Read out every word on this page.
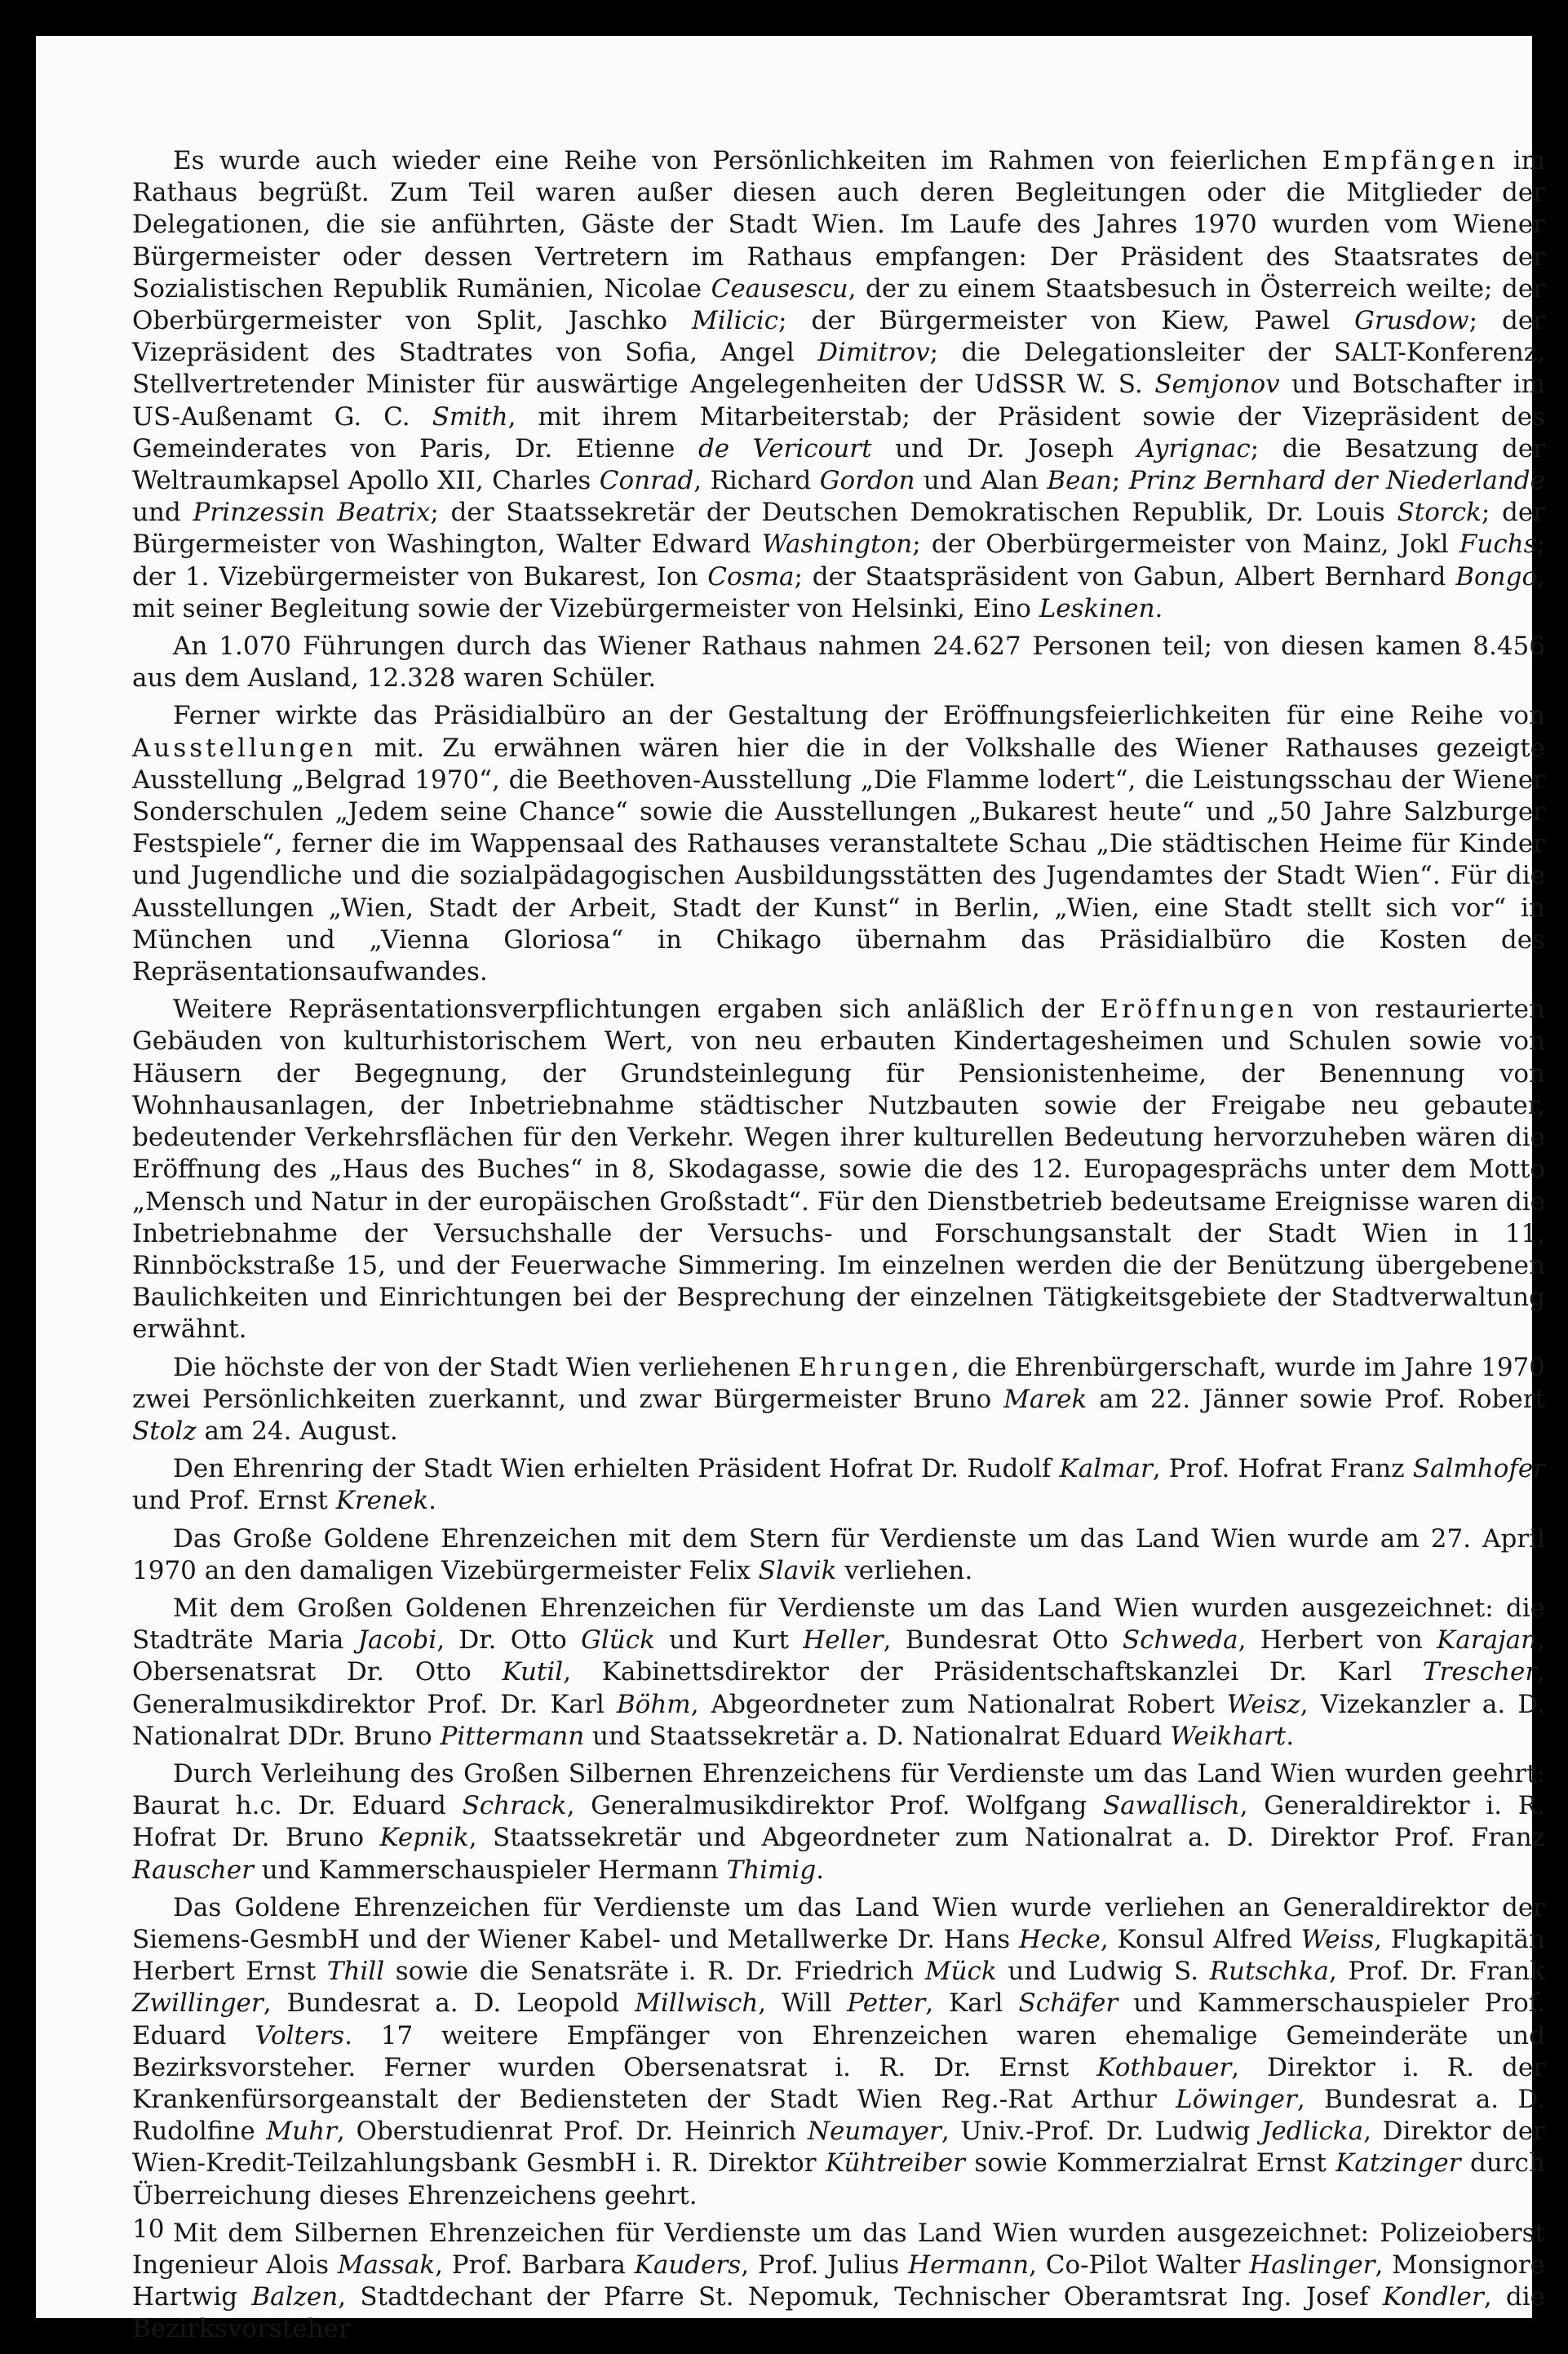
Es wurde auch wieder eine Reihe von Persönlichkeiten im Rahmen von feierlichen Empfängen im Rathaus begrüßt. Zum Teil waren außer diesen auch deren Begleitungen oder die Mitglieder der Delegationen, die sie anführten, Gäste der Stadt Wien. Im Laufe des Jahres 1970 wurden vom Wiener Bürgermeister oder dessen Vertretern im Rathaus empfangen: Der Präsident des Staatsrates der Sozialistischen Republik Rumänien, Nicolae Ceausescu, der zu einem Staatsbesuch in Österreich weilte; der Oberbürgermeister von Split, Jaschko Milicic; der Bürgermeister von Kiew, Pawel Grusdow; der Vizepräsident des Stadtrates von Sofia, Angel Dimitrov; die Delegationsleiter der SALT-Konferenz, Stellvertretender Minister für auswärtige Angelegenheiten der UdSSR W. S. Semjonov und Botschafter im US-Außenamt G. C. Smith, mit ihrem Mitarbeiterstab; der Präsident sowie der Vizepräsident des Gemeinderates von Paris, Dr. Etienne de Vericourt und Dr. Joseph Ayrignac; die Besatzung der Weltraumkapsel Apollo XII, Charles Conrad, Richard Gordon und Alan Bean; Prinz Bernhard der Niederlande und Prinzessin Beatrix; der Staatssekretär der Deutschen Demokratischen Republik, Dr. Louis Storck; der Bürgermeister von Washington, Walter Edward Washington; der Oberbürgermeister von Mainz, Jokl Fuchs; der 1. Vizebürgermeister von Bukarest, Ion Cosma; der Staatspräsident von Gabun, Albert Bernhard Bongo, mit seiner Begleitung sowie der Vizebürgermeister von Helsinki, Eino Leskinen.

An 1.070 Führungen durch das Wiener Rathaus nahmen 24.627 Personen teil; von diesen kamen 8.456 aus dem Ausland, 12.328 waren Schüler.

Ferner wirkte das Präsidialbüro an der Gestaltung der Eröffnungsfeierlichkeiten für eine Reihe von Ausstellungen mit. Zu erwähnen wären hier die in der Volkshalle des Wiener Rathauses gezeigte Ausstellung „Belgrad 1970“, die Beethoven-Ausstellung „Die Flamme lodert“, die Leistungsschau der Wiener Sonderschulen „Jedem seine Chance“ sowie die Ausstellungen „Bukarest heute“ und „50 Jahre Salzburger Festspiele“, ferner die im Wappensaal des Rathauses veranstaltete Schau „Die städtischen Heime für Kinder und Jugendliche und die sozialpädagogischen Ausbildungsstätten des Jugendamtes der Stadt Wien“. Für die Ausstellungen „Wien, Stadt der Arbeit, Stadt der Kunst“ in Berlin, „Wien, eine Stadt stellt sich vor“ in München und „Vienna Gloriosa“ in Chikago übernahm das Präsidialbüro die Kosten des Repräsentationsaufwandes.

Weitere Repräsentationsverpflichtungen ergaben sich anläßlich der Eröffnungen von restaurierten Gebäuden von kulturhistorischem Wert, von neu erbauten Kindertagesheimen und Schulen sowie von Häusern der Begegnung, der Grundsteinlegung für Pensionistenheime, der Benennung von Wohnhausanlagen, der Inbetriebnahme städtischer Nutzbauten sowie der Freigabe neu gebauter, bedeutender Verkehrsflächen für den Verkehr. Wegen ihrer kulturellen Bedeutung hervorzuheben wären die Eröffnung des „Haus des Buches“ in 8, Skodagasse, sowie die des 12. Europagesprächs unter dem Motto „Mensch und Natur in der europäischen Großstadt“. Für den Dienstbetrieb bedeutsame Ereignisse waren die Inbetriebnahme der Versuchshalle der Versuchs- und Forschungsanstalt der Stadt Wien in 11, Rinnböckstraße 15, und der Feuerwache Simmering. Im einzelnen werden die der Benützung übergebenen Baulichkeiten und Einrichtungen bei der Besprechung der einzelnen Tätigkeitsgebiete der Stadtverwaltung erwähnt.

Die höchste der von der Stadt Wien verliehenen Ehrungen, die Ehrenbürgerschaft, wurde im Jahre 1970 zwei Persönlichkeiten zuerkannt, und zwar Bürgermeister Bruno Marek am 22. Jänner sowie Prof. Robert Stolz am 24. August.

Den Ehrenring der Stadt Wien erhielten Präsident Hofrat Dr. Rudolf Kalmar, Prof. Hofrat Franz Salmhofer und Prof. Ernst Krenek.

Das Große Goldene Ehrenzeichen mit dem Stern für Verdienste um das Land Wien wurde am 27. April 1970 an den damaligen Vizebürgermeister Felix Slavik verliehen.

Mit dem Großen Goldenen Ehrenzeichen für Verdienste um das Land Wien wurden ausgezeichnet: die Stadträte Maria Jacobi, Dr. Otto Glück und Kurt Heller, Bundesrat Otto Schweda, Herbert von Karajan, Obersenatsrat Dr. Otto Kutil, Kabinettsdirektor der Präsidentschaftskanzlei Dr. Karl Trescher, Generalmusikdirektor Prof. Dr. Karl Böhm, Abgeordneter zum Nationalrat Robert Weisz, Vizekanzler a. D. Nationalrat DDr. Bruno Pittermann und Staatssekretär a. D. Nationalrat Eduard Weikhart.

Durch Verleihung des Großen Silbernen Ehrenzeichens für Verdienste um das Land Wien wurden geehrt: Baurat h.c. Dr. Eduard Schrack, Generalmusikdirektor Prof. Wolfgang Sawallisch, Generaldirektor i. R. Hofrat Dr. Bruno Kepnik, Staatssekretär und Abgeordneter zum Nationalrat a. D. Direktor Prof. Franz Rauscher und Kammerschauspieler Hermann Thimig.

Das Goldene Ehrenzeichen für Verdienste um das Land Wien wurde verliehen an Generaldirektor der Siemens-GesmbH und der Wiener Kabel- und Metallwerke Dr. Hans Hecke, Konsul Alfred Weiss, Flugkapitän Herbert Ernst Thill sowie die Senatsräte i. R. Dr. Friedrich Mück und Ludwig S. Rutschka, Prof. Dr. Frank Zwillinger, Bundesrat a. D. Leopold Millwisch, Will Petter, Karl Schäfer und Kammerschauspieler Prof. Eduard Volters. 17 weitere Empfänger von Ehrenzeichen waren ehemalige Gemeinderäte und Bezirksvorsteher. Ferner wurden Obersenatsrat i. R. Dr. Ernst Kothbauer, Direktor i. R. der Krankenfürsorgeanstalt der Bediensteten der Stadt Wien Reg.-Rat Arthur Löwinger, Bundesrat a. D. Rudolfine Muhr, Oberstudienrat Prof. Dr. Heinrich Neumayer, Univ.-Prof. Dr. Ludwig Jedlicka, Direktor der Wien-Kredit-Teilzahlungsbank GesmbH i. R. Direktor Kühtreiber sowie Kommerzialrat Ernst Katzinger durch Überreichung dieses Ehrenzeichens geehrt.

Mit dem Silbernen Ehrenzeichen für Verdienste um das Land Wien wurden ausgezeichnet: Polizeioberst Ingenieur Alois Massak, Prof. Barbara Kauders, Prof. Julius Hermann, Co-Pilot Walter Haslinger, Monsignore Hartwig Balzen, Stadtdechant der Pfarre St. Nepomuk, Technischer Oberamtsrat Ing. Josef Kondler, die Bezirksvorsteher

10
